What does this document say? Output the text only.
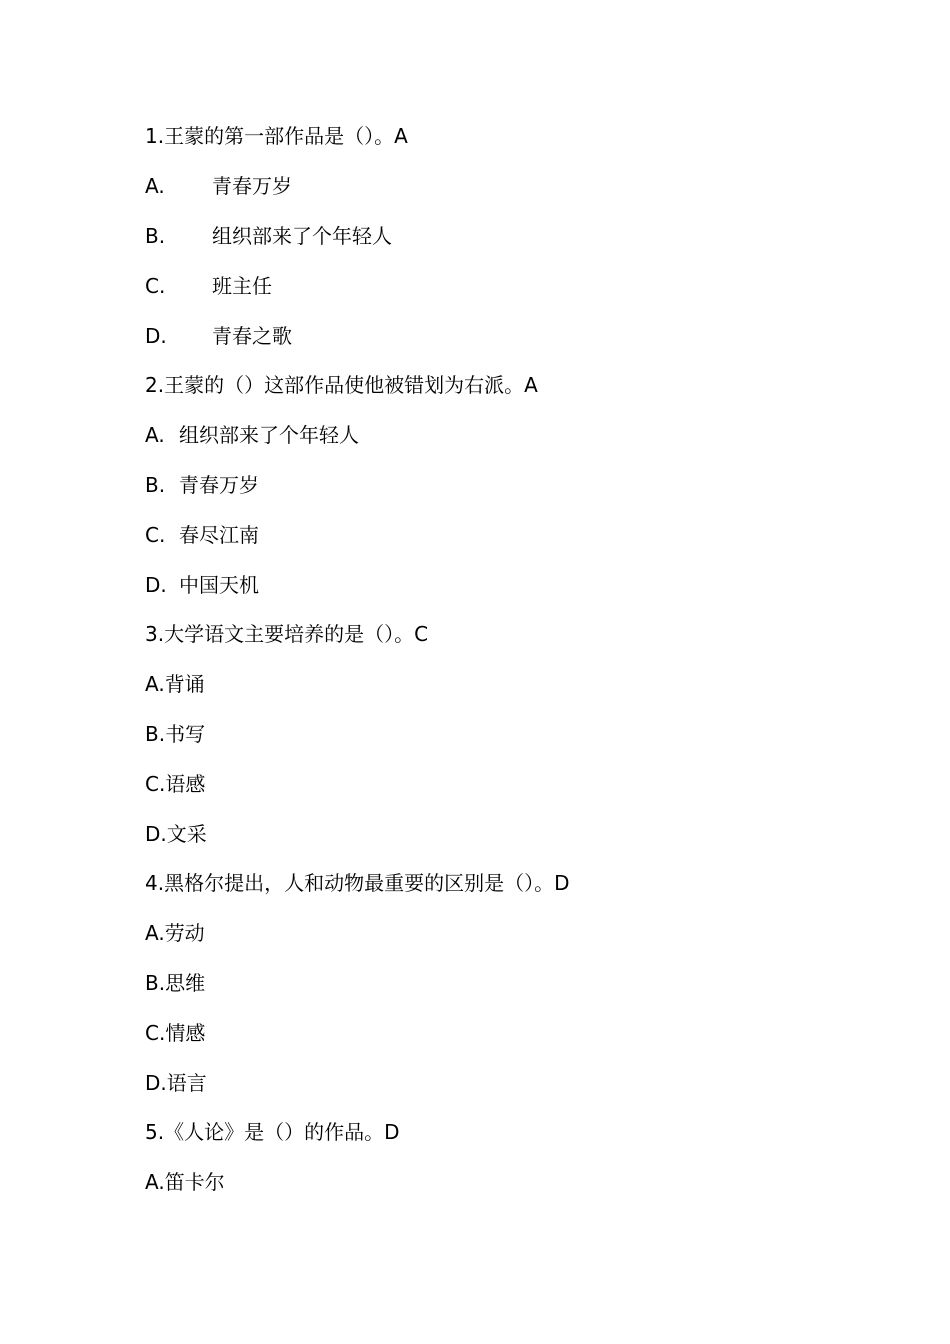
1.王蒙的第一部作品是（）。A
A. 青春万岁
B. 组织部来了个年轻人
C. 班主任
D. 青春之歌
2.王蒙的（）这部作品使他被错划为右派。A
A. 组织部来了个年轻人
B. 青春万岁
C. 春尽江南
D. 中国天机
3.大学语文主要培养的是（）。C
A.背诵
B.书写
C.语感
D.文采
4.黑格尔提出，人和动物最重要的区别是（）。D
A.劳动
B.思维
C.情感
D.语言
5.《人论》是（）的作品。D
A.笛卡尔
